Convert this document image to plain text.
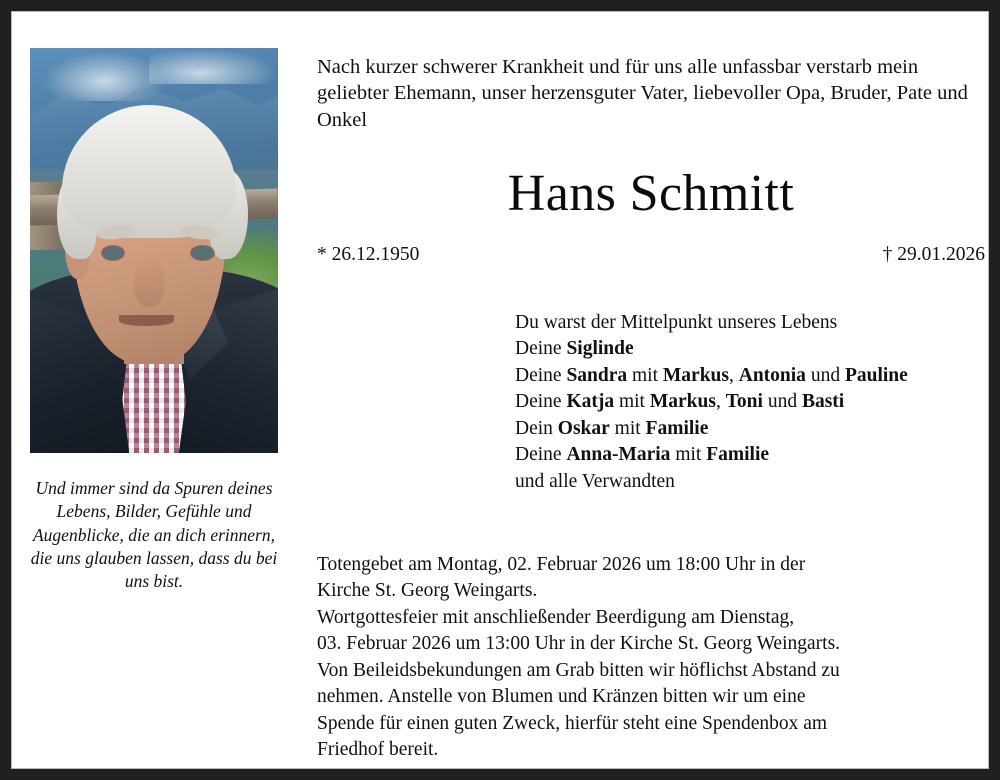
Und immer sind da Spuren deines Lebens, Bilder, Gefühle und Augenblicke, die an dich erinnern, die uns glauben lassen, dass du bei uns bist.
Nach kurzer schwerer Krankheit und für uns alle unfassbar verstarb mein geliebter Ehemann, unser herzensguter Vater, liebevoller Opa, Bruder, Pate und Onkel
Hans Schmitt
* 26.12.1950	† 29.01.2026
Du warst der Mittelpunkt unseres Lebens
Deine Siglinde
Deine Sandra mit Markus, Antonia und Pauline
Deine Katja mit Markus, Toni und Basti
Dein Oskar mit Familie
Deine Anna-Maria mit Familie
und alle Verwandten

Totengebet am Montag, 02. Februar 2026 um 18:00 Uhr in der

Kirche St. Georg Weingarts.

Wortgottesfeier mit anschließender Beerdigung am Dienstag,

03. Februar 2026 um 13:00 Uhr in der Kirche St. Georg Weingarts.

Von Beileidsbekundungen am Grab bitten wir höflichst Abstand zu

nehmen. Anstelle von Blumen und Kränzen bitten wir um eine

Spende für einen guten Zweck, hierfür steht eine Spendenbox am

Friedhof bereit.
